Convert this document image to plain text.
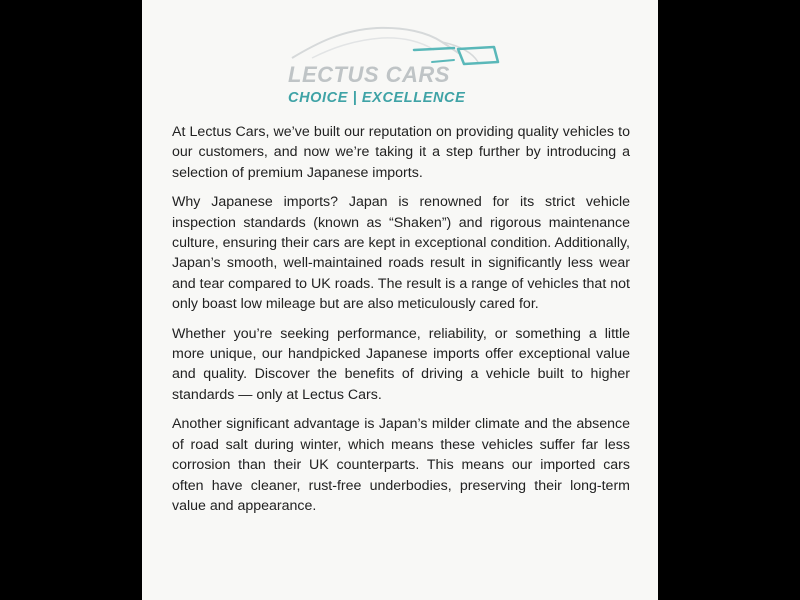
LECTUS CARS
CHOICE | EXCELLENCE

At Lectus Cars, we’ve built our reputation on providing quality vehicles to our customers, and now we’re taking it a step further by introducing a selection of premium Japanese imports.

Why Japanese imports? Japan is renowned for its strict vehicle inspection standards (known as “Shaken”) and rigorous maintenance culture, ensuring their cars are kept in exceptional condition. Additionally, Japan’s smooth, well-maintained roads result in significantly less wear and tear compared to UK roads. The result is a range of vehicles that not only boast low mileage but are also meticulously cared for.

Whether you’re seeking performance, reliability, or something a little more unique, our handpicked Japanese imports offer exceptional value and quality. Discover the benefits of driving a vehicle built to higher standards — only at Lectus Cars.

Another significant advantage is Japan’s milder climate and the absence of road salt during winter, which means these vehicles suffer far less corrosion than their UK counterparts. This means our imported cars often have cleaner, rust-free underbodies, preserving their long-term value and appearance.
